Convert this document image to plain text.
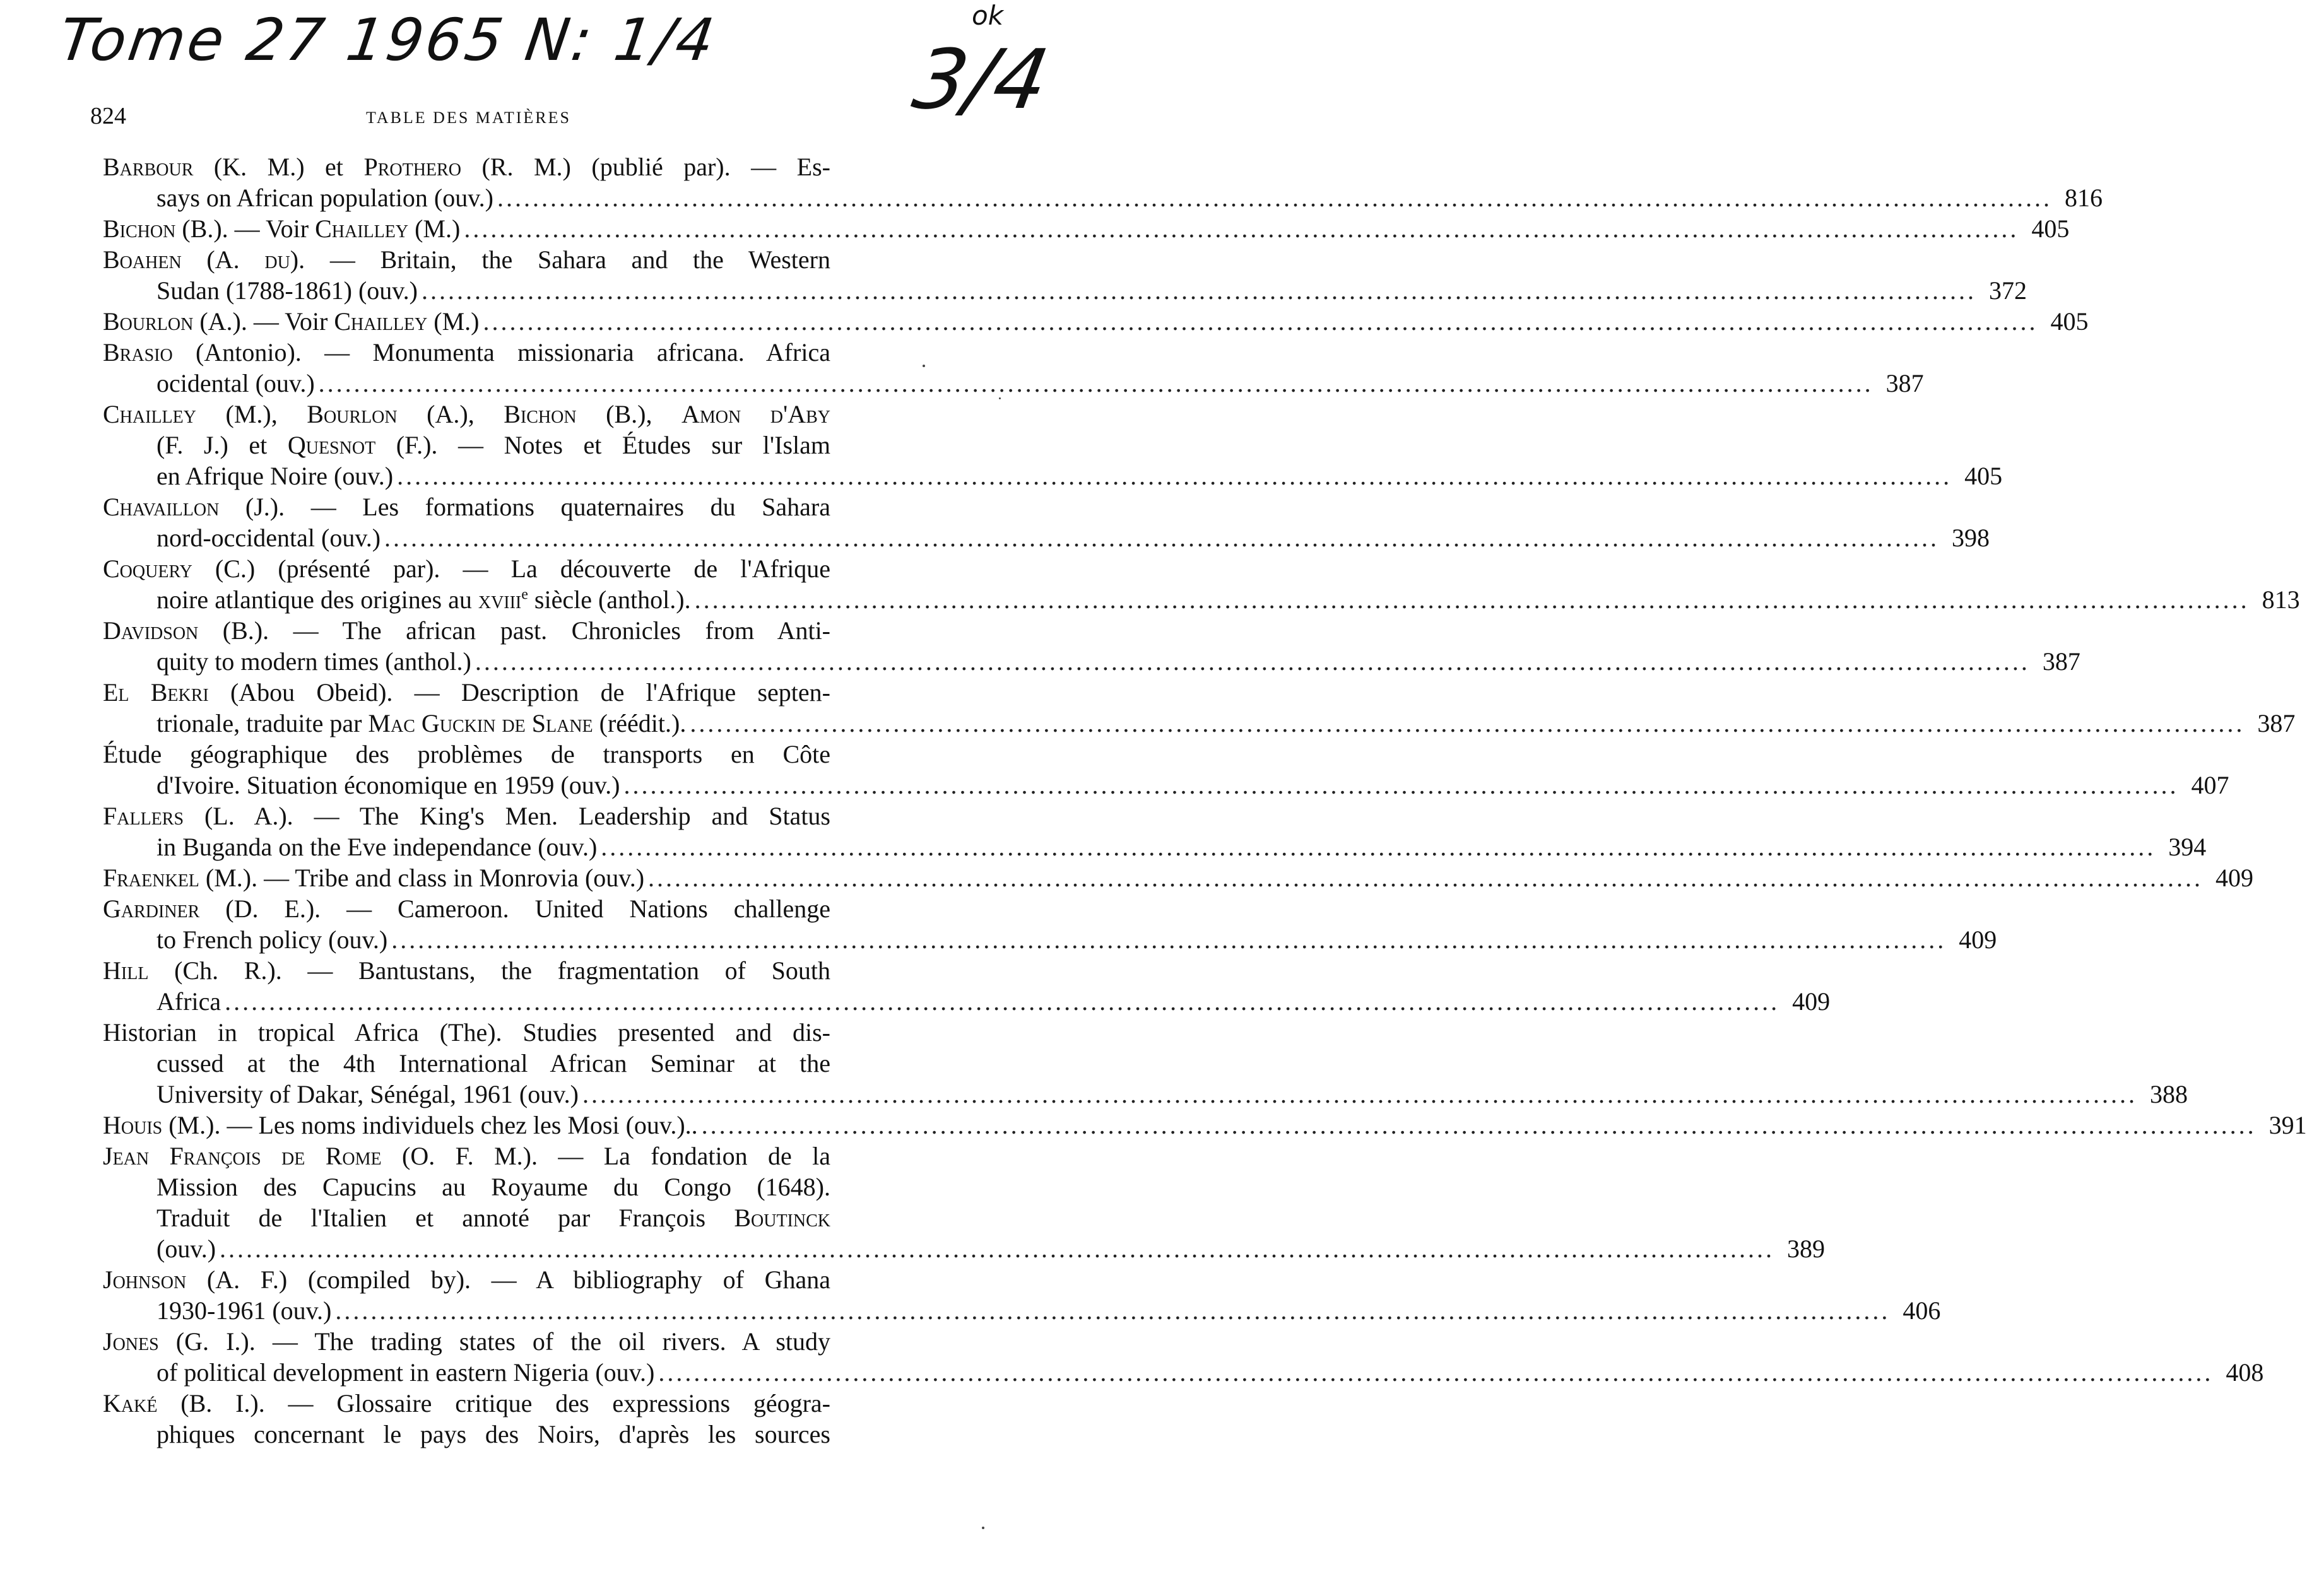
Tome 27 1965 N: 1/4	ok
3/4
824	TABLE DES MATIÈRES
Barbour (K. M.) et Prothero (R. M.) (publié par). — Es-
says on African population (ouv.) .....	816
Bichon (B.). — Voir Chailley (M.) .....	405
Boahen (A. du). — Britain, the Sahara and the Western
Sudan (1788-1861) (ouv.) .....	372
Bourlon (A.). — Voir Chailley (M.) .....	405
Brasio (Antonio). — Monumenta missionaria africana. Africa
ocidental (ouv.) .....	387
Chailley (M.), Bourlon (A.), Bichon (B.), Amon d'Aby
(F. J.) et Quesnot (F.). — Notes et Études sur l'Islam
en Afrique Noire (ouv.) .....	405
Chavaillon (J.). — Les formations quaternaires du Sahara
nord-occidental (ouv.) .....	398
Coquery (C.) (présenté par). — La découverte de l'Afrique
noire atlantique des origines au xviii$^e$ siècle (anthol.). .....	813
Davidson (B.). — The african past. Chronicles from Anti-
quity to modern times (anthol.) .....	387
El Bekri (Abou Obeid). — Description de l'Afrique septen-
trionale, traduite par Mac Guckin de Slane (réédit.). .....	387
Étude géographique des problèmes de transports en Côte
d'Ivoire. Situation économique en 1959 (ouv.) .....	407
Fallers (L. A.). — The King's Men. Leadership and Status
in Buganda on the Eve independance (ouv.) .....	394
Fraenkel (M.). — Tribe and class in Monrovia (ouv.) .....	409
Gardiner (D. E.). — Cameroon. United Nations challenge
to French policy (ouv.) .....	409
Hill (Ch. R.). — Bantustans, the fragmentation of South
Africa .....	409
Historian in tropical Africa (The). Studies presented and dis-
cussed at the 4th International African Seminar at the
University of Dakar, Sénégal, 1961 (ouv.) .....	388
Houis (M.). — Les noms individuels chez les Mosi (ouv.).. .....	391
Jean François de Rome (O. F. M.). — La fondation de la
Mission des Capucins au Royaume du Congo (1648).
Traduit de l'Italien et annoté par François Boutinck
(ouv.) .....	389
Johnson (A. F.) (compiled by). — A bibliography of Ghana
1930-1961 (ouv.) .....	406
Jones (G. I.). — The trading states of the oil rivers. A study
of political development in eastern Nigeria (ouv.) .....	408
Kaké (B. I.). — Glossaire critique des expressions géogra-
phiques concernant le pays des Noirs, d'après les sources
